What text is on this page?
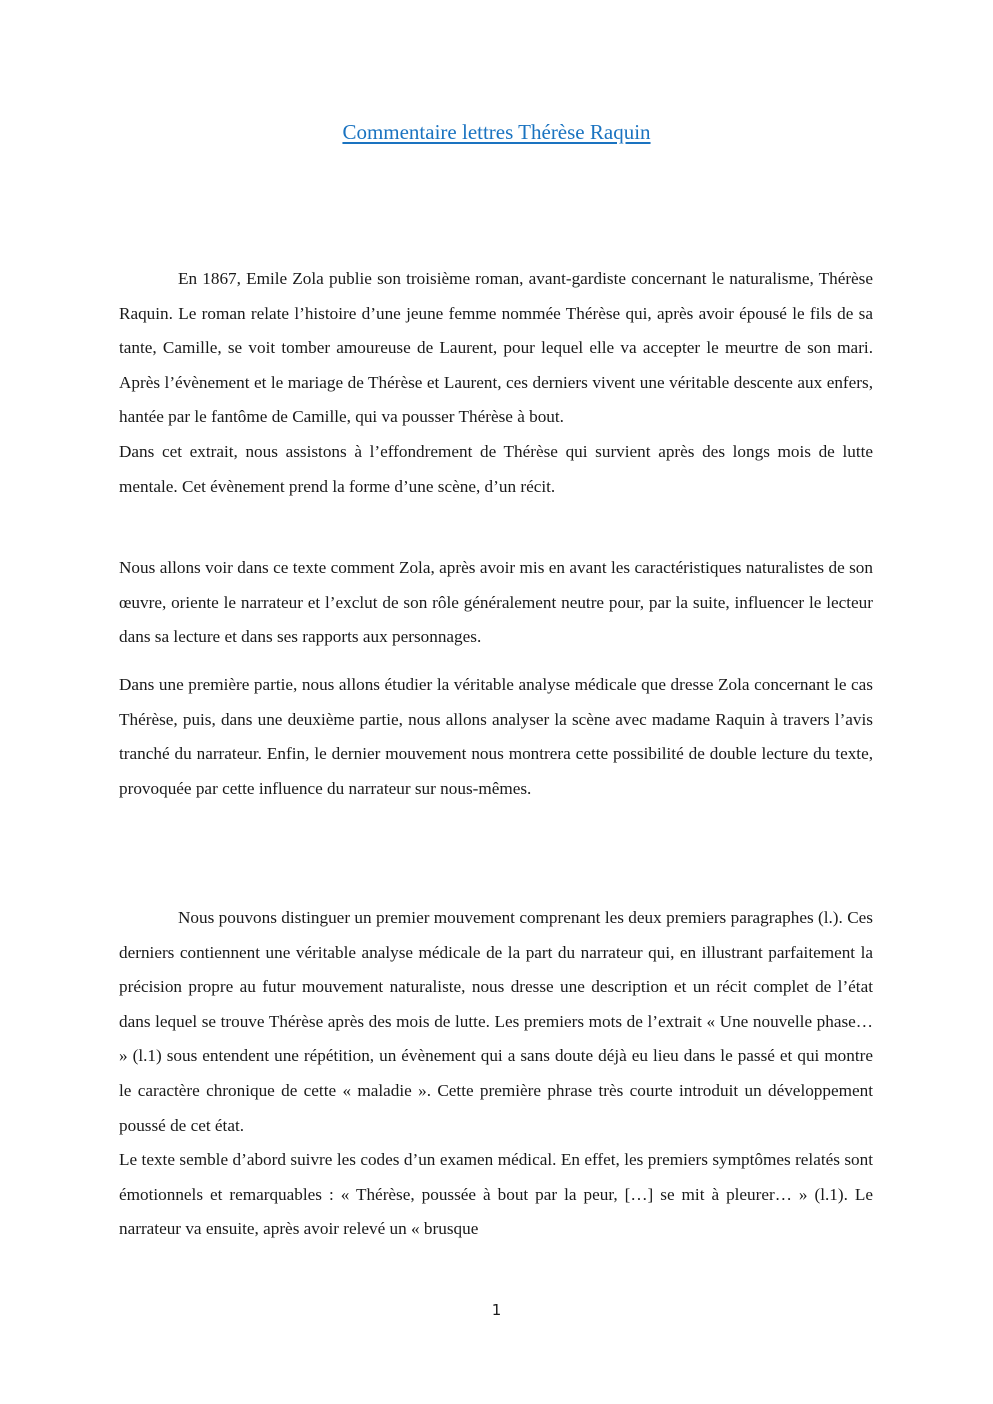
Commentaire lettres Thérèse Raquin

En 1867, Emile Zola publie son troisième roman, avant-gardiste concernant le naturalisme, Thérèse Raquin. Le roman relate l’histoire d’une jeune femme nommée Thérèse qui, après avoir épousé le fils de sa tante, Camille, se voit tomber amoureuse de Laurent, pour lequel elle va accepter le meurtre de son mari. Après l’évènement et le mariage de Thérèse et Laurent, ces derniers vivent une véritable descente aux enfers, hantée par le fantôme de Camille, qui va pousser Thérèse à bout.

Dans cet extrait, nous assistons à l’effondrement de Thérèse qui survient après des longs mois de lutte mentale. Cet évènement prend la forme d’une scène, d’un récit.

Nous allons voir dans ce texte comment Zola, après avoir mis en avant les caractéristiques naturalistes de son œuvre, oriente le narrateur et l’exclut de son rôle généralement neutre pour, par la suite, influencer le lecteur dans sa lecture et dans ses rapports aux personnages.

Dans une première partie, nous allons étudier la véritable analyse médicale que dresse Zola concernant le cas Thérèse, puis, dans une deuxième partie, nous allons analyser la scène avec madame Raquin à travers l’avis tranché du narrateur. Enfin, le dernier mouvement nous montrera cette possibilité de double lecture du texte, provoquée par cette influence du narrateur sur nous-mêmes.

Nous pouvons distinguer un premier mouvement comprenant les deux premiers paragraphes (l.). Ces derniers contiennent une véritable analyse médicale de la part du narrateur qui, en illustrant parfaitement la précision propre au futur mouvement naturaliste, nous dresse une description et un récit complet de l’état dans lequel se trouve Thérèse après des mois de lutte. Les premiers mots de l’extrait « Une nouvelle phase… » (l.1) sous entendent une répétition, un évènement qui a sans doute déjà eu lieu dans le passé et qui montre le caractère chronique de cette « maladie ». Cette première phrase très courte introduit un développement poussé de cet état.

Le texte semble d’abord suivre les codes d’un examen médical. En effet, les premiers symptômes relatés sont émotionnels et remarquables : « Thérèse, poussée à bout par la peur, […] se mit à pleurer… » (l.1). Le narrateur va ensuite, après avoir relevé un « brusque

1
